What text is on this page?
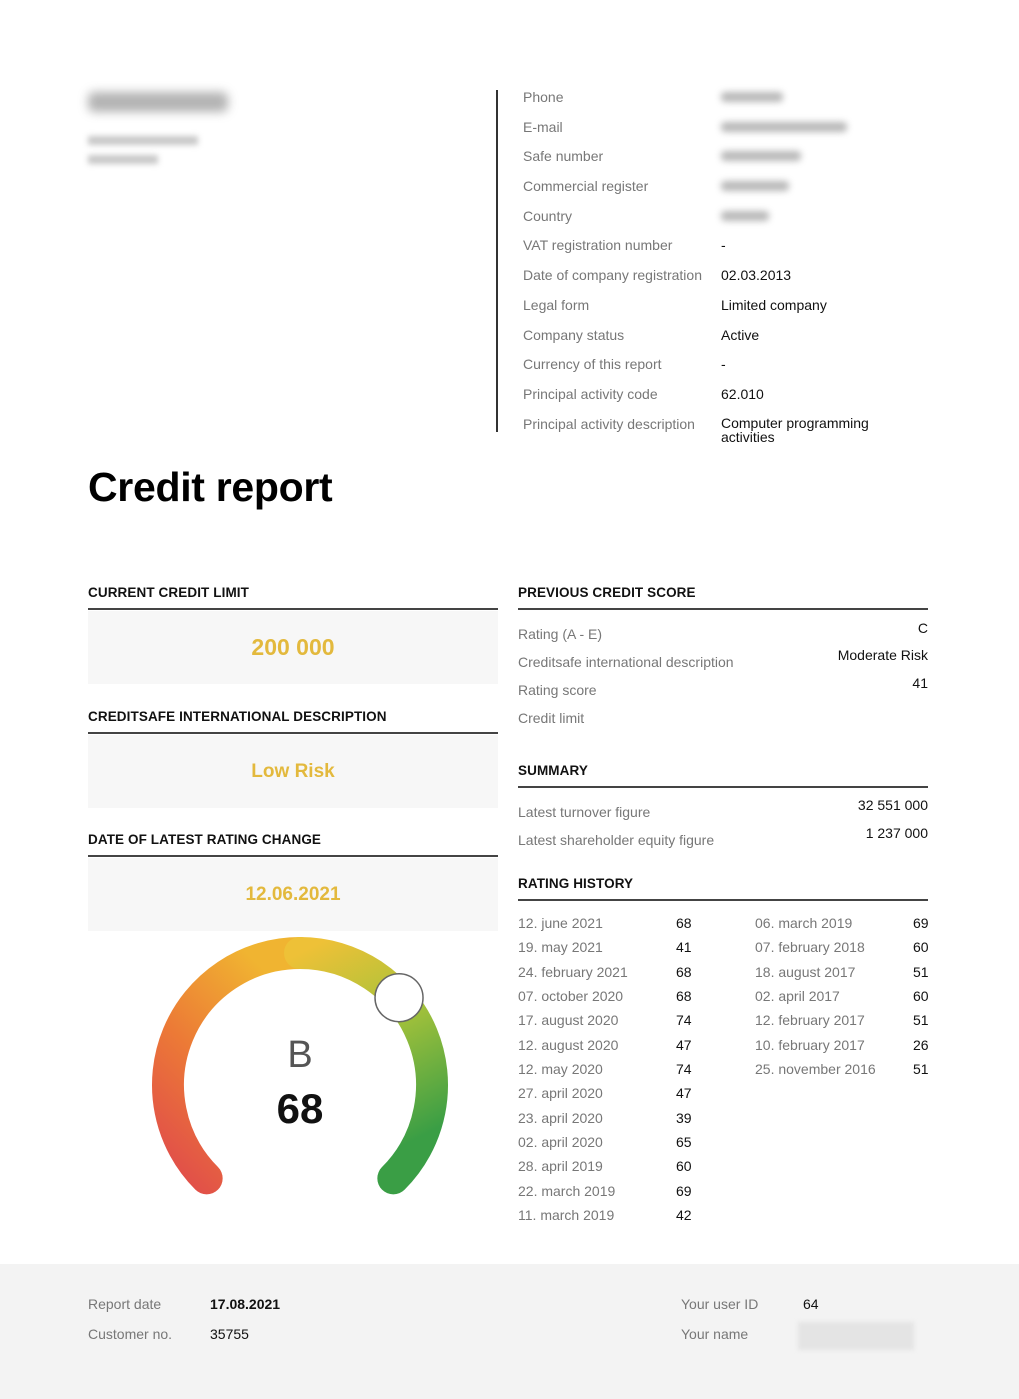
Phone
E-mail
Safe number
Commercial register
Country
VAT registration number	-
Date of company registration	02.03.2013
Legal form	Limited company
Company status	Active
Currency of this report	-
Principal activity code	62.010
Principal activity description	Computer programming
activities
Credit report
CURRENT CREDIT LIMIT
200 000
CREDITSAFE INTERNATIONAL DESCRIPTION
Low Risk
DATE OF LATEST RATING CHANGE
12.06.2021
B
68
PREVIOUS CREDIT SCORE
Rating (A - E)	C
Creditsafe international description	Moderate Risk
Rating score	41
Credit limit
SUMMARY
Latest turnover figure	32 551 000
Latest shareholder equity figure	1 237 000
RATING HISTORY
12. june 2021	68
19. may 2021	41
24. february 2021	68
07. october 2020	68
17. august 2020	74
12. august 2020	47
12. may 2020	74
27. april 2020	47
23. april 2020	39
02. april 2020	65
28. april 2019	60
22. march 2019	69
11. march 2019	42
06. march 2019	69
07. february 2018	60
18. august 2017	51
02. april 2017	60
12. february 2017	51
10. february 2017	26
25. november 2016	51
Report date	17.08.2021
Customer no.	35755
Your user ID	64
Your name
